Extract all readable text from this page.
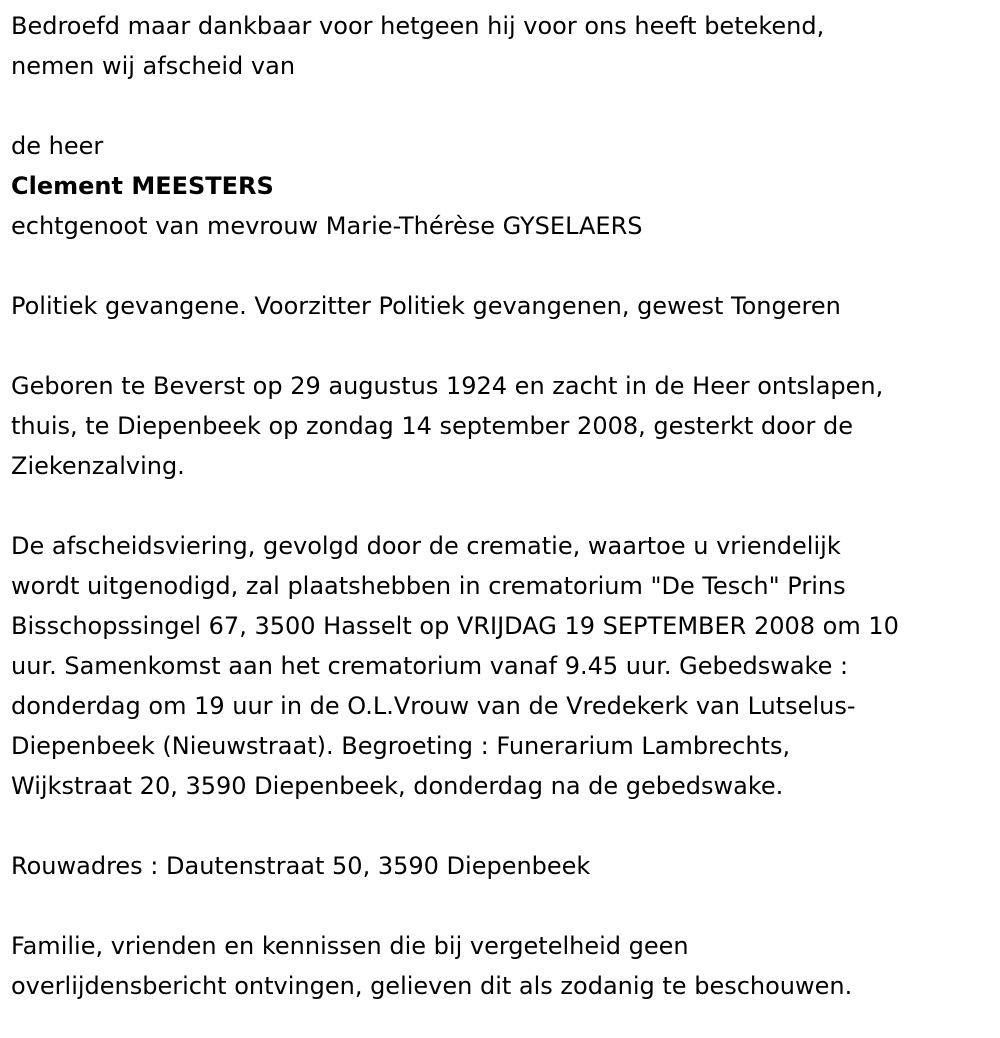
Bedroefd maar dankbaar voor hetgeen hij voor ons heeft betekend,
nemen wij afscheid van
de heer
Clement MEESTERS
echtgenoot van mevrouw Marie-Thérèse GYSELAERS
Politiek gevangene. Voorzitter Politiek gevangenen, gewest Tongeren
Geboren te Beverst op 29 augustus 1924 en zacht in de Heer ontslapen,
thuis, te Diepenbeek op zondag 14 september 2008, gesterkt door de
Ziekenzalving.
De afscheidsviering, gevolgd door de crematie, waartoe u vriendelijk
wordt uitgenodigd, zal plaatshebben in crematorium "De Tesch" Prins
Bisschopssingel 67, 3500 Hasselt op VRIJDAG 19 SEPTEMBER 2008 om 10
uur. Samenkomst aan het crematorium vanaf 9.45 uur. Gebedswake :
donderdag om 19 uur in de O.L.Vrouw van de Vredekerk van Lutselus-
Diepenbeek (Nieuwstraat). Begroeting : Funerarium Lambrechts,
Wijkstraat 20, 3590 Diepenbeek, donderdag na de gebedswake.
Rouwadres : Dautenstraat 50, 3590 Diepenbeek
Familie, vrienden en kennissen die bij vergetelheid geen
overlijdensbericht ontvingen, gelieven dit als zodanig te beschouwen.
